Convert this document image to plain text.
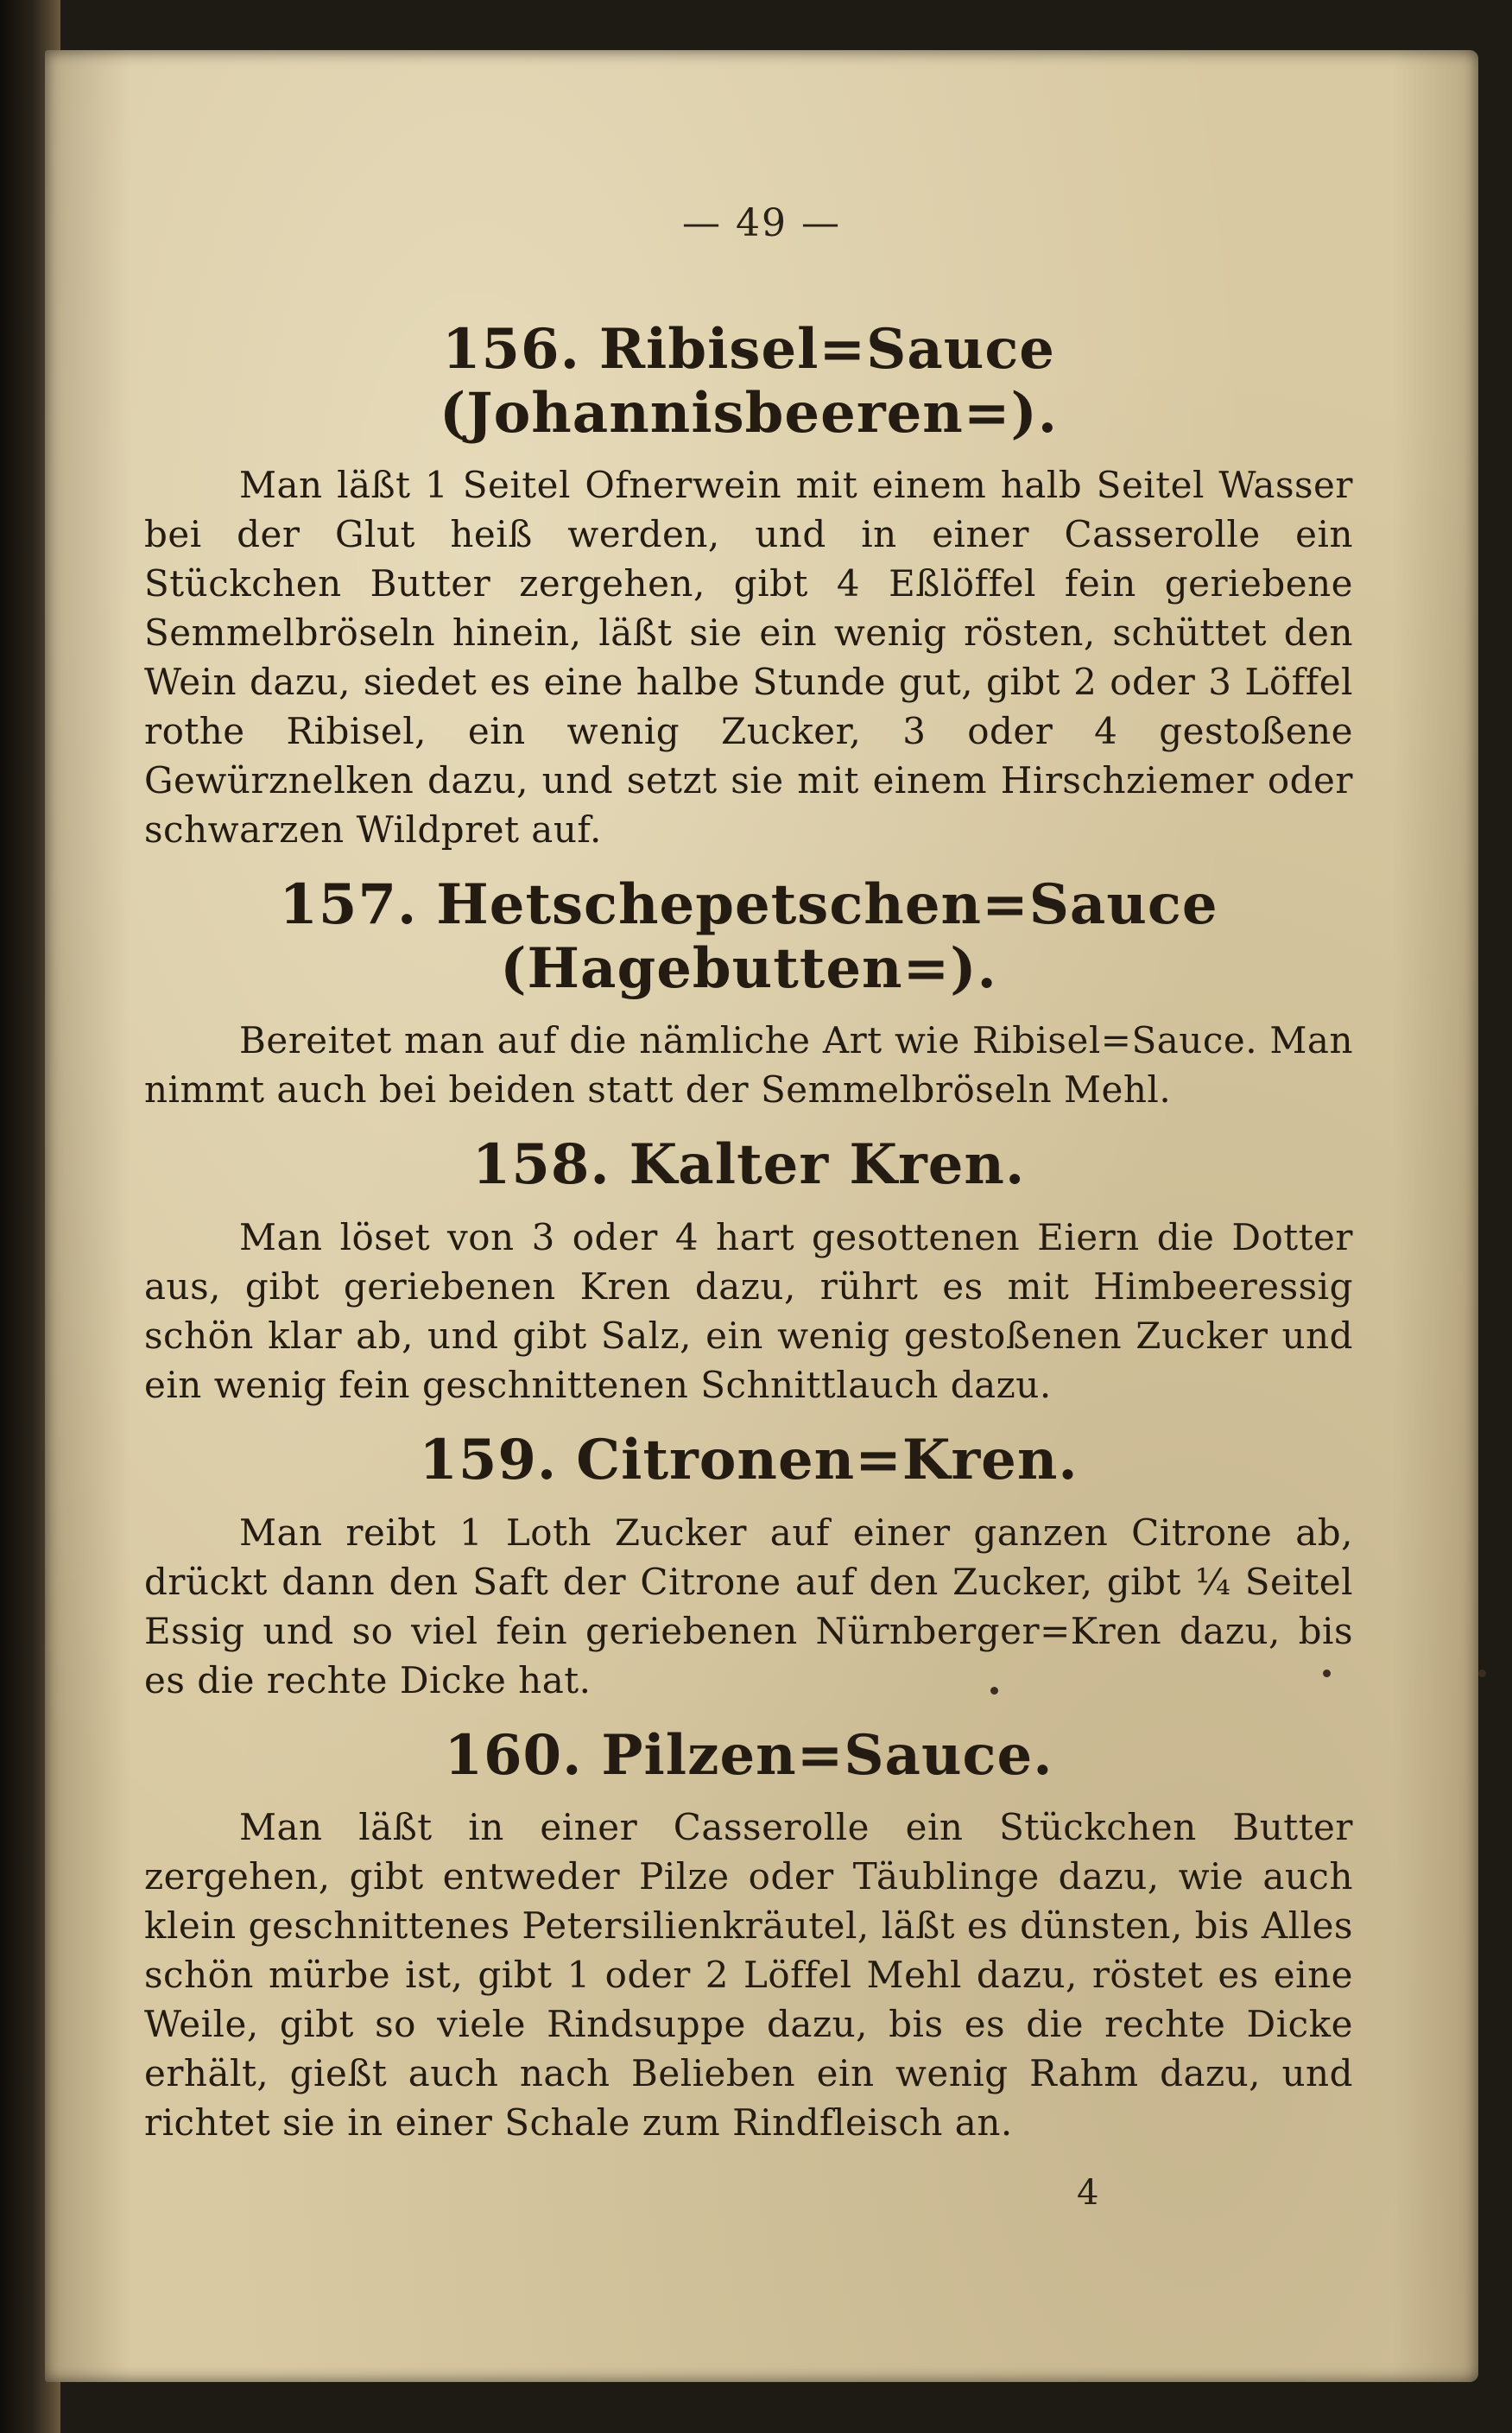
— 49 —
156. Ribisel=Sauce (Johannisbeeren=).

Man läßt 1 Seitel Ofnerwein mit einem halb Seitel Wasser bei der Glut heiß werden, und in einer Casserolle ein Stückchen Butter zergehen, gibt 4 Eßlöffel fein geriebene Semmelbröseln hinein, läßt sie ein wenig rösten, schüttet den Wein dazu, siedet es eine halbe Stunde gut, gibt 2 oder 3 Löffel rothe Ribisel, ein wenig Zucker, 3 oder 4 gestoßene Gewürznelken dazu, und setzt sie mit einem Hirschziemer oder schwarzen Wildpret auf.

157. Hetschepetschen=Sauce (Hagebutten=).

Bereitet man auf die nämliche Art wie Ribisel=Sauce. Man nimmt auch bei beiden statt der Semmelbröseln Mehl.

158. Kalter Kren.

Man löset von 3 oder 4 hart gesottenen Eiern die Dotter aus, gibt geriebenen Kren dazu, rührt es mit Himbeeressig schön klar ab, und gibt Salz, ein wenig gestoßenen Zucker und ein wenig fein geschnittenen Schnittlauch dazu.

159. Citronen=Kren.

Man reibt 1 Loth Zucker auf einer ganzen Citrone ab, drückt dann den Saft der Citrone auf den Zucker, gibt ¼ Seitel Essig und so viel fein geriebenen Nürnberger=Kren dazu, bis es die rechte Dicke hat.

160. Pilzen=Sauce.

Man läßt in einer Casserolle ein Stückchen Butter zergehen, gibt entweder Pilze oder Täublinge dazu, wie auch klein geschnittenes Petersilienkräutel, läßt es dünsten, bis Alles schön mürbe ist, gibt 1 oder 2 Löffel Mehl dazu, röstet es eine Weile, gibt so viele Rindsuppe dazu, bis es die rechte Dicke erhält, gießt auch nach Belieben ein wenig Rahm dazu, und richtet sie in einer Schale zum Rindfleisch an.

4
